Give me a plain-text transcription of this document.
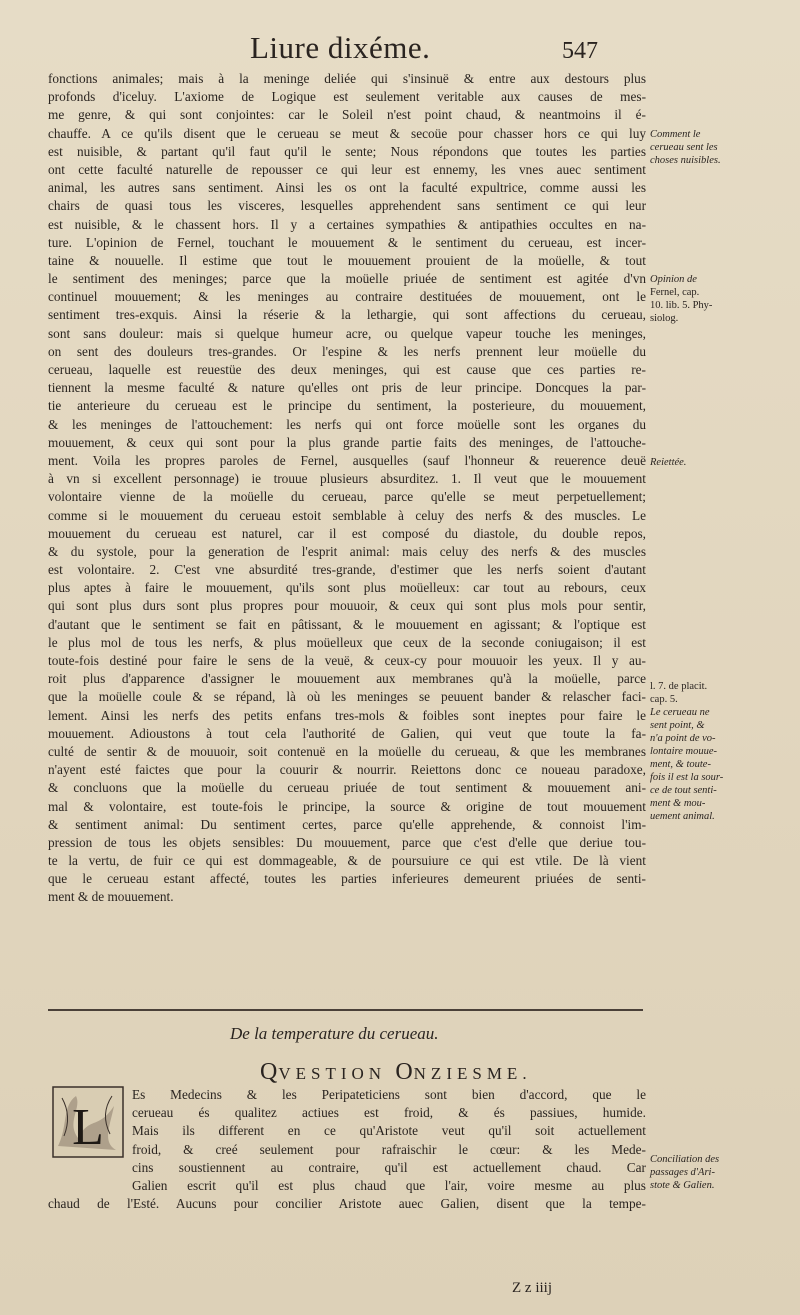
Liure dixéme.	547
fonctions animales; mais à la meninge deliée qui s'insinuë & entre aux destours plus
profonds d'iceluy. L'axiome de Logique est seulement veritable aux causes de mes-
me genre, & qui sont conjointes: car le Soleil n'est point chaud, & neantmoins il é-
chauffe. A ce qu'ils disent que le cerueau se meut & secoüe pour chasser hors ce qui luy
est nuisible, & partant qu'il faut qu'il le sente; Nous répondons que toutes les parties
ont cette faculté naturelle de repousser ce qui leur est ennemy, les vnes auec sentiment
animal, les autres sans sentiment. Ainsi les os ont la faculté expultrice, comme aussi les
chairs de quasi tous les visceres, lesquelles apprehendent sans sentiment ce qui leur
est nuisible, & le chassent hors. Il y a certaines sympathies & antipathies occultes en na-
ture. L'opinion de Fernel, touchant le mouuement & le sentiment du cerueau, est incer-
taine & nouuelle. Il estime que tout le mouuement prouient de la moüelle, & tout
le sentiment des meninges; parce que la moüelle priuée de sentiment est agitée d'vn
continuel mouuement; & les meninges au contraire destituées de mouuement, ont le
sentiment tres-exquis. Ainsi la réserie & la lethargie, qui sont affections du cerueau,
sont sans douleur: mais si quelque humeur acre, ou quelque vapeur touche les meninges,
on sent des douleurs tres-grandes. Or l'espine & les nerfs prennent leur moüelle du
cerueau, laquelle est reuestüe des deux meninges, qui est cause que ces parties re-
tiennent la mesme faculté & nature qu'elles ont pris de leur principe. Doncques la par-
tie anterieure du cerueau est le principe du sentiment, la posterieure, du mouuement,
& les meninges de l'attouchement: les nerfs qui ont force moüelle sont les organes du
mouuement, & ceux qui sont pour la plus grande partie faits des meninges, de l'attouche-
ment. Voila les propres paroles de Fernel, ausquelles (sauf l'honneur & reuerence deuë
à vn si excellent personnage) ie trouue plusieurs absurditez. 1. Il veut que le mouuement
volontaire vienne de la moüelle du cerueau, parce qu'elle se meut perpetuellement;
comme si le mouuement du cerueau estoit semblable à celuy des nerfs & des muscles. Le
mouuement du cerueau est naturel, car il est composé du diastole, du double repos,
& du systole, pour la generation de l'esprit animal: mais celuy des nerfs & des muscles
est volontaire. 2. C'est vne absurdité tres-grande, d'estimer que les nerfs soient d'autant
plus aptes à faire le mouuement, qu'ils sont plus moüelleux: car tout au rebours, ceux
qui sont plus durs sont plus propres pour mouuoir, & ceux qui sont plus mols pour sentir,
d'autant que le sentiment se fait en pâtissant, & le mouuement en agissant; & l'optique est
le plus mol de tous les nerfs, & plus moüelleux que ceux de la seconde coniugaison; il est
toute-fois destiné pour faire le sens de la veuë, & ceux-cy pour mouuoir les yeux. Il y au-
roit plus d'apparence d'assigner le mouuement aux membranes qu'à la moüelle, parce
que la moüelle coule & se répand, là où les meninges se peuuent bander & relascher faci-
lement. Ainsi les nerfs des petits enfans tres-mols & foibles sont ineptes pour faire le
mouuement. Adioustons à tout cela l'authorité de Galien, qui veut que toute la fa-
culté de sentir & de mouuoir, soit contenuë en la moüelle du cerueau, & que les membranes
n'ayent esté faictes que pour la couurir & nourrir. Reiettons donc ce noueau paradoxe,
& concluons que la moüelle du cerueau priuée de tout sentiment & mouuement ani-
mal & volontaire, est toute-fois le principe, la source & origine de tout mouuement
& sentiment animal: Du sentiment certes, parce qu'elle apprehende, & connoist l'im-
pression de tous les objets sensibles: Du mouuement, parce que c'est d'elle que deriue tou-
te la vertu, de fuir ce qui est dommageable, & de poursuiure ce qui est vtile. De là vient
que le cerueau estant affecté, toutes les parties inferieures demeurent priuées de senti-
ment & de mouuement.
Comment le
cerueau sent les
choses nuisibles.
Opinion de
Fernel, cap.
10. lib. 5. Phy-
siolog.
Reiettée.
l. 7. de placit.
cap. 5.
Le cerueau ne
sent point, &
n'a point de vo-
lontaire mouue-
ment, & toute-
fois il est la sour-
ce de tout senti-
ment & mou-
uement animal.
Conciliation des
passages d'Ari-
stote & Galien.
De la temperature du cerueau.
QVESTION ONZIESME.
L
Es Medecins & les Peripateticiens sont bien d'accord, que le
cerueau és qualitez actiues est froid, & és passiues, humide.
Mais ils different en ce qu'Aristote veut qu'il soit actuellement
froid, & creé seulement pour rafraischir le cœur: & les Mede-
cins soustiennent au contraire, qu'il est actuellement chaud. Car
Galien escrit qu'il est plus chaud que l'air, voire mesme au plus
chaud de l'Esté. Aucuns pour concilier Aristote auec Galien, disent que la tempe-
Z z iiij
